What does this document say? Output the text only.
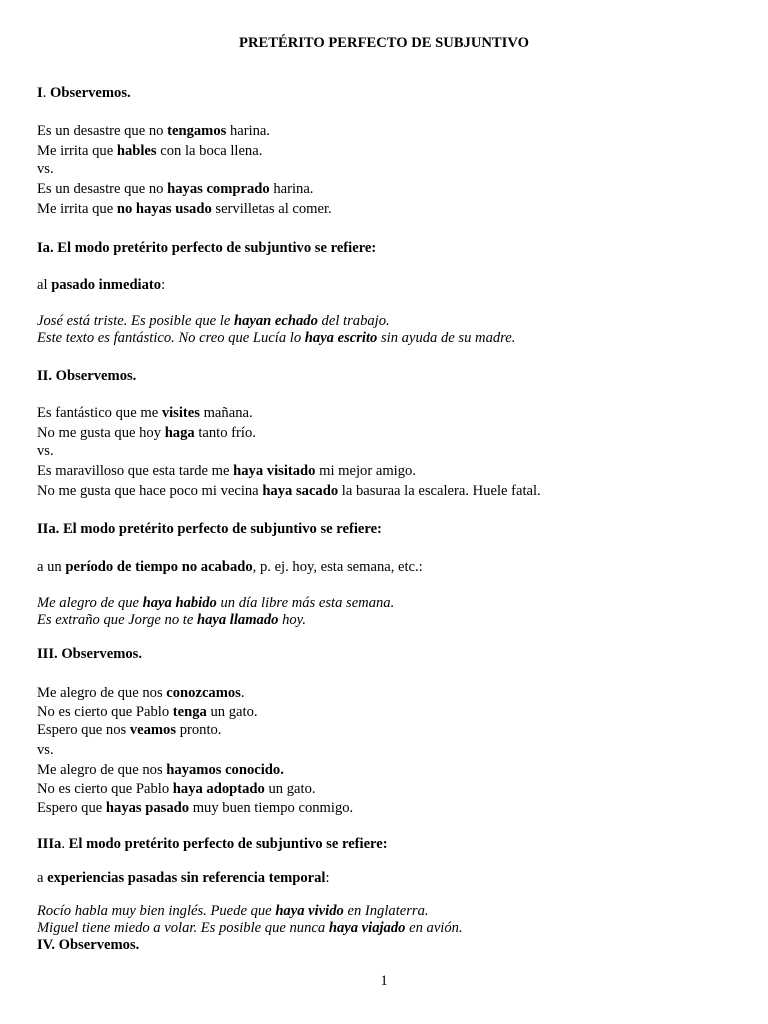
PRETÉRITO PERFECTO DE SUBJUNTIVO
I. Observemos.
Es un desastre que no tengamos harina.
Me irrita que hables con la boca llena.
vs.
Es un desastre que no hayas comprado harina.
Me irrita que no hayas usado servilletas al comer.
Ia. El modo pretérito perfecto de subjuntivo se refiere:
al pasado inmediato:
José está triste. Es posible que le hayan echado del trabajo.
Este texto es fantástico. No creo que Lucía lo haya escrito sin ayuda de su madre.
II. Observemos.
Es fantástico que me visites mañana.
No me gusta que hoy haga tanto frío.
vs.
Es maravilloso que esta tarde me haya visitado mi mejor amigo.
No me gusta que hace poco mi vecina haya sacado la basuraa la escalera. Huele fatal.
IIa. El modo pretérito perfecto de subjuntivo se refiere:
a un período de tiempo no acabado, p. ej. hoy, esta semana, etc.:
Me alegro de que haya habido un día libre más esta semana.
Es extraño que Jorge no te haya llamado hoy.
III. Observemos.
Me alegro de que nos conozcamos.
No es cierto que Pablo tenga un gato.
Espero que nos veamos pronto.
vs.
Me alegro de que nos hayamos conocido.
No es cierto que Pablo haya adoptado un gato.
Espero que hayas pasado muy buen tiempo conmigo.
IIIa. El modo pretérito perfecto de subjuntivo se refiere:
a experiencias pasadas sin referencia temporal:
Rocío habla muy bien inglés. Puede que haya vivido en Inglaterra.
Miguel tiene miedo a volar. Es posible que nunca haya viajado en avión.
IV. Observemos.
1
